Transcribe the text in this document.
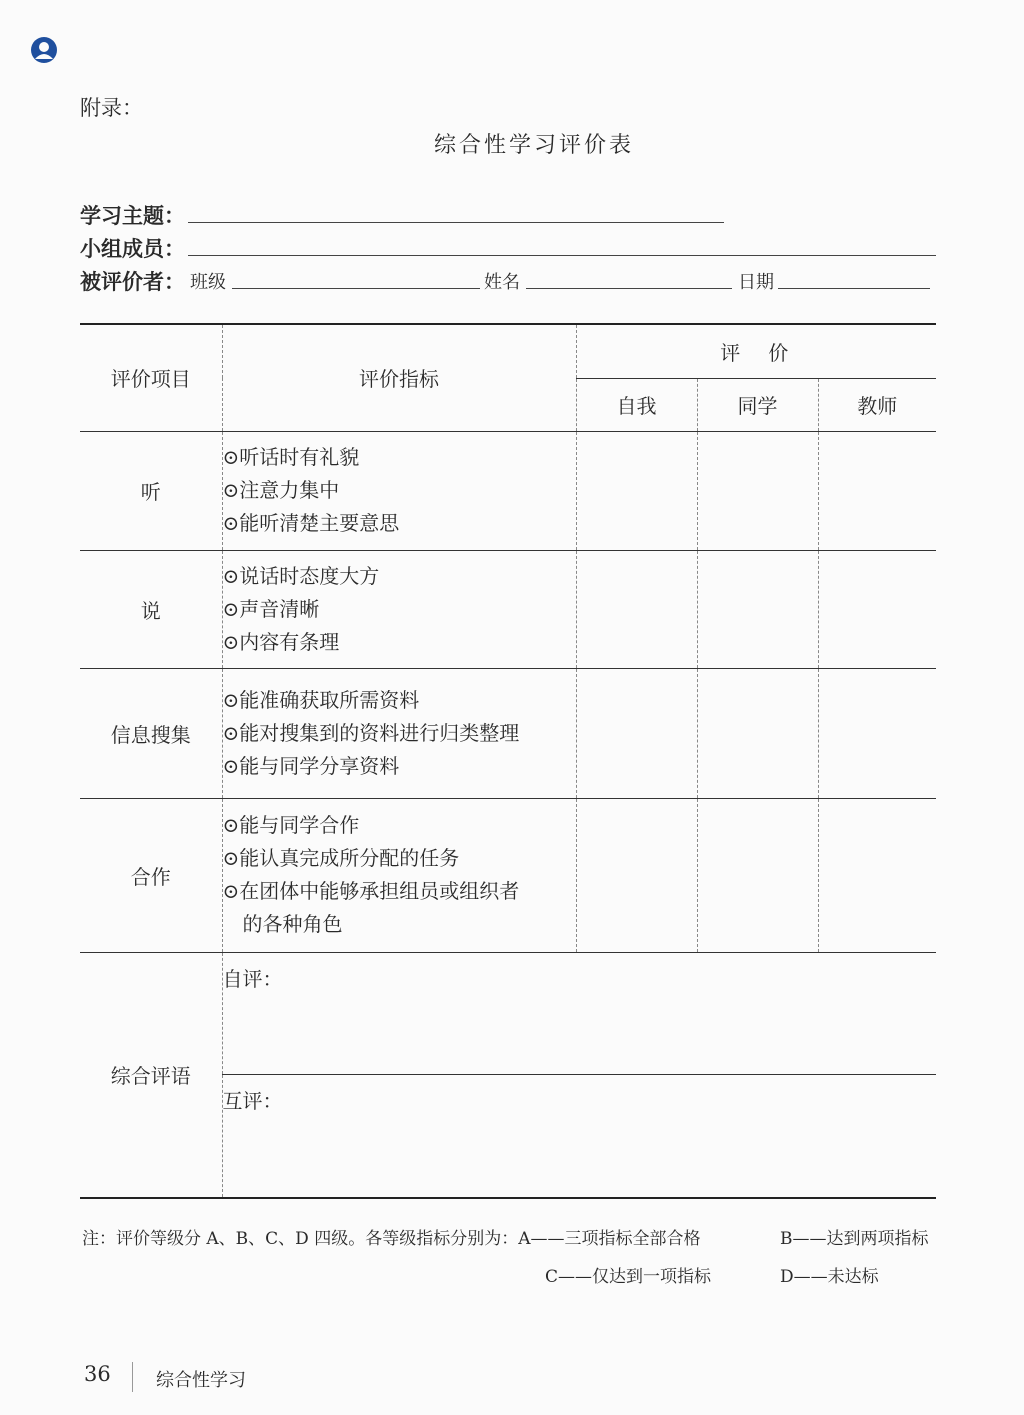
附录：
综合性学习评价表
学习主题：
小组成员：
被评价者： 班级	姓名	日期
评价项目	评价指标	评　价		
		自我	同学	教师
听	⊙听话时有礼貌
⊙注意力集中
⊙能听清楚主要意思			

说	⊙说话时态度大方
⊙声音清晰
⊙内容有条理			

信息搜集	⊙能准确获取所需资料
⊙能对搜集到的资料进行归类整理
⊙能与同学分享资料			

合作	⊙能与同学合作
⊙能认真完成所分配的任务
⊙在团体中能够承担组员或组织者
的各种角色			

综合评语	自评：			
	互评：			
注：评价等级分 A、B、C、D 四级。各等级指标分别为：A——三项指标全部合格	B——达到两项指标
C——仅达到一项指标	D——未达标
36	综合性学习
